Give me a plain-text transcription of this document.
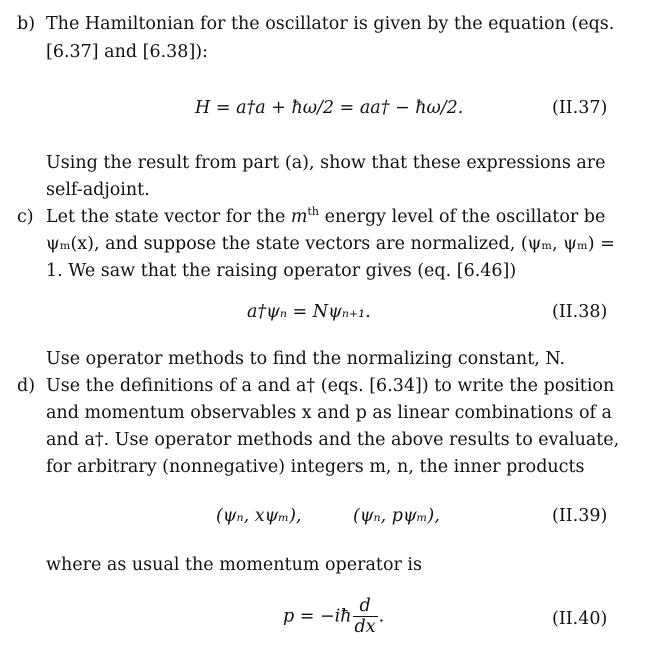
b) The Hamiltonian for the oscillator is given by the equation (eqs.
[6.37] and [6.38]):
H = a†a + ħω/2 = aa† − ħω/2.	(II.37)
Using the result from part (a), show that these expressions are
self-adjoint.
c) Let the state vector for the $m^{th}$ energy level of the oscillator be
ψₘ(x), and suppose the state vectors are normalized, (ψₘ, ψₘ) =
1. We saw that the raising operator gives (eq. [6.46])
a†ψₙ = Nψₙ₊₁.	(II.38)
Use operator methods to find the normalizing constant, N.
d) Use the definitions of a and a† (eqs. [6.34]) to write the position
and momentum observables x and p as linear combinations of a
and a†. Use operator methods and the above results to evaluate,
for arbitrary (nonnegative) integers m, n, the inner products
(ψₙ, xψₘ),	(ψₙ, pψₘ),	(II.39)
where as usual the momentum operator is
p = −iħ $\frac{d}{dx}$ .	(II.40)
